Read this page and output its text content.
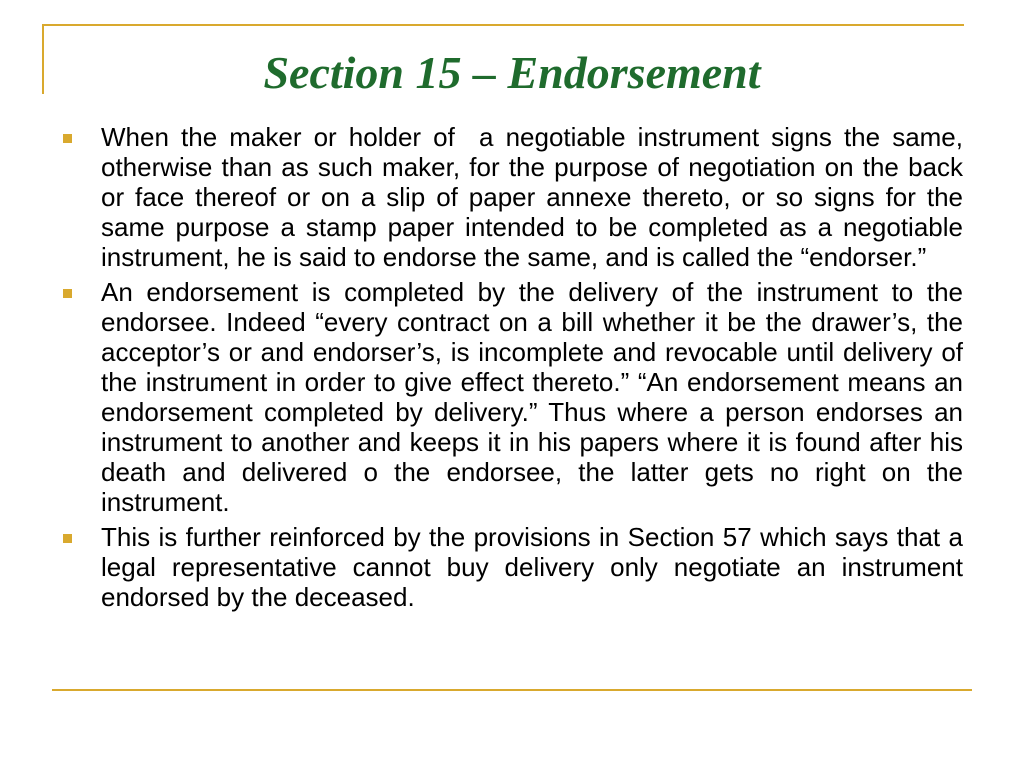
Section 15 – Endorsement
When the maker or holder of  a negotiable instrument signs the same, otherwise than as such maker, for the purpose of negotiation on the back or face thereof or on a slip of paper annexe thereto, or so signs for the same purpose a stamp paper intended to be completed as a negotiable instrument, he is said to endorse the same, and is called the “endorser.”
An endorsement is completed by the delivery of the instrument to the endorsee. Indeed “every contract on a bill whether it be the drawer’s, the acceptor’s or and endorser’s, is incomplete and revocable until delivery of the instrument in order to give effect thereto.” “An endorsement means an endorsement completed by delivery.” Thus where a person endorses an instrument to another and keeps it in his papers where it is found after his death and delivered o the endorsee, the latter gets no right on the instrument.
This is further reinforced by the provisions in Section 57 which says that a legal representative cannot buy delivery only negotiate an instrument endorsed by the deceased.
